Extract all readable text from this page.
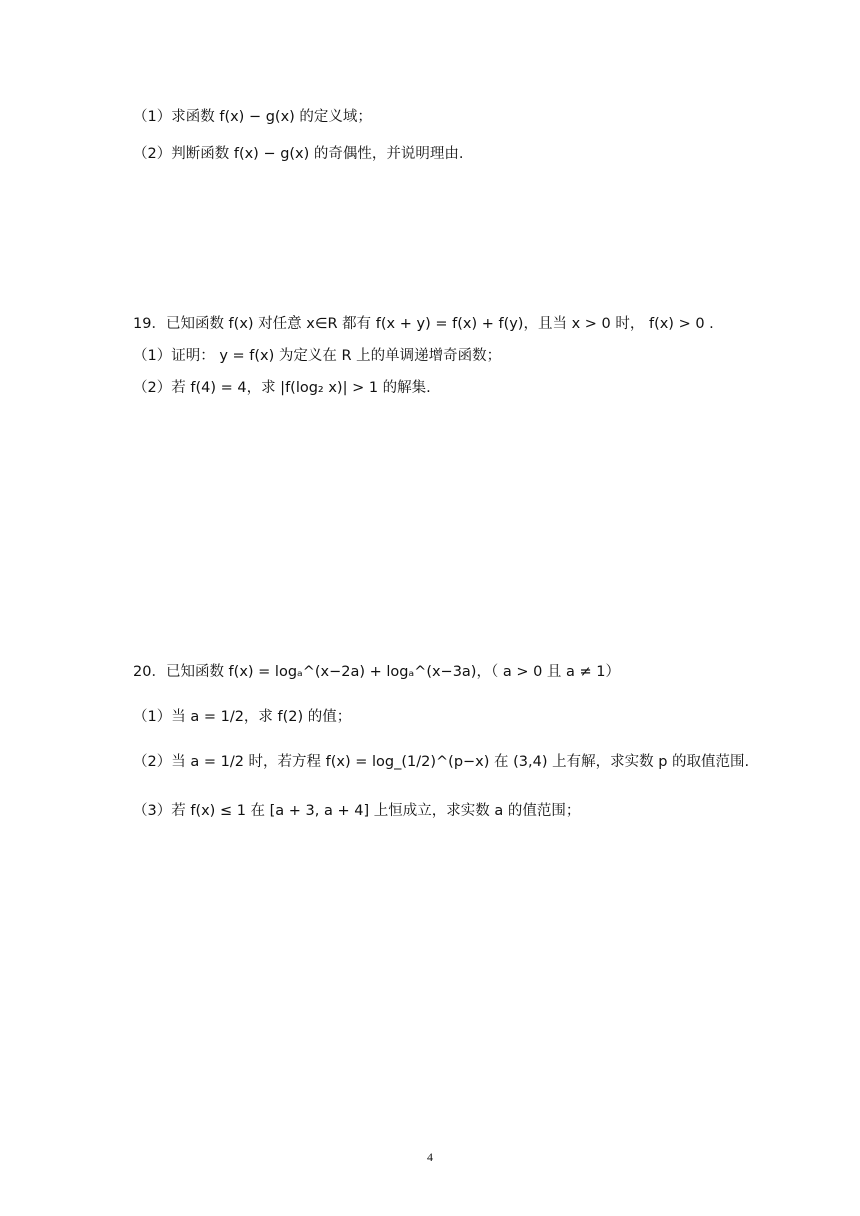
（1）求函数 f(x) − g(x) 的定义域；
（2）判断函数 f(x) − g(x) 的奇偶性，并说明理由.
19．已知函数 f(x) 对任意 x∈R 都有 f(x + y) = f(x) + f(y)，且当 x > 0 时， f(x) > 0 .
（1）证明： y = f(x) 为定义在 R 上的单调递增奇函数；
（2）若 f(4) = 4，求 |f(log₂ x)| > 1 的解集.
20．已知函数 f(x) = logₐ^(x−2a) + logₐ^(x−3a)，（ a > 0 且 a ≠ 1）
（1）当 a = 1/2，求 f(2) 的值；
（2）当 a = 1/2 时，若方程 f(x) = log_(1/2)^(p−x) 在 (3,4) 上有解，求实数 p 的取值范围.
（3）若 f(x) ≤ 1 在 [a + 3, a + 4] 上恒成立，求实数 a 的值范围；
4
